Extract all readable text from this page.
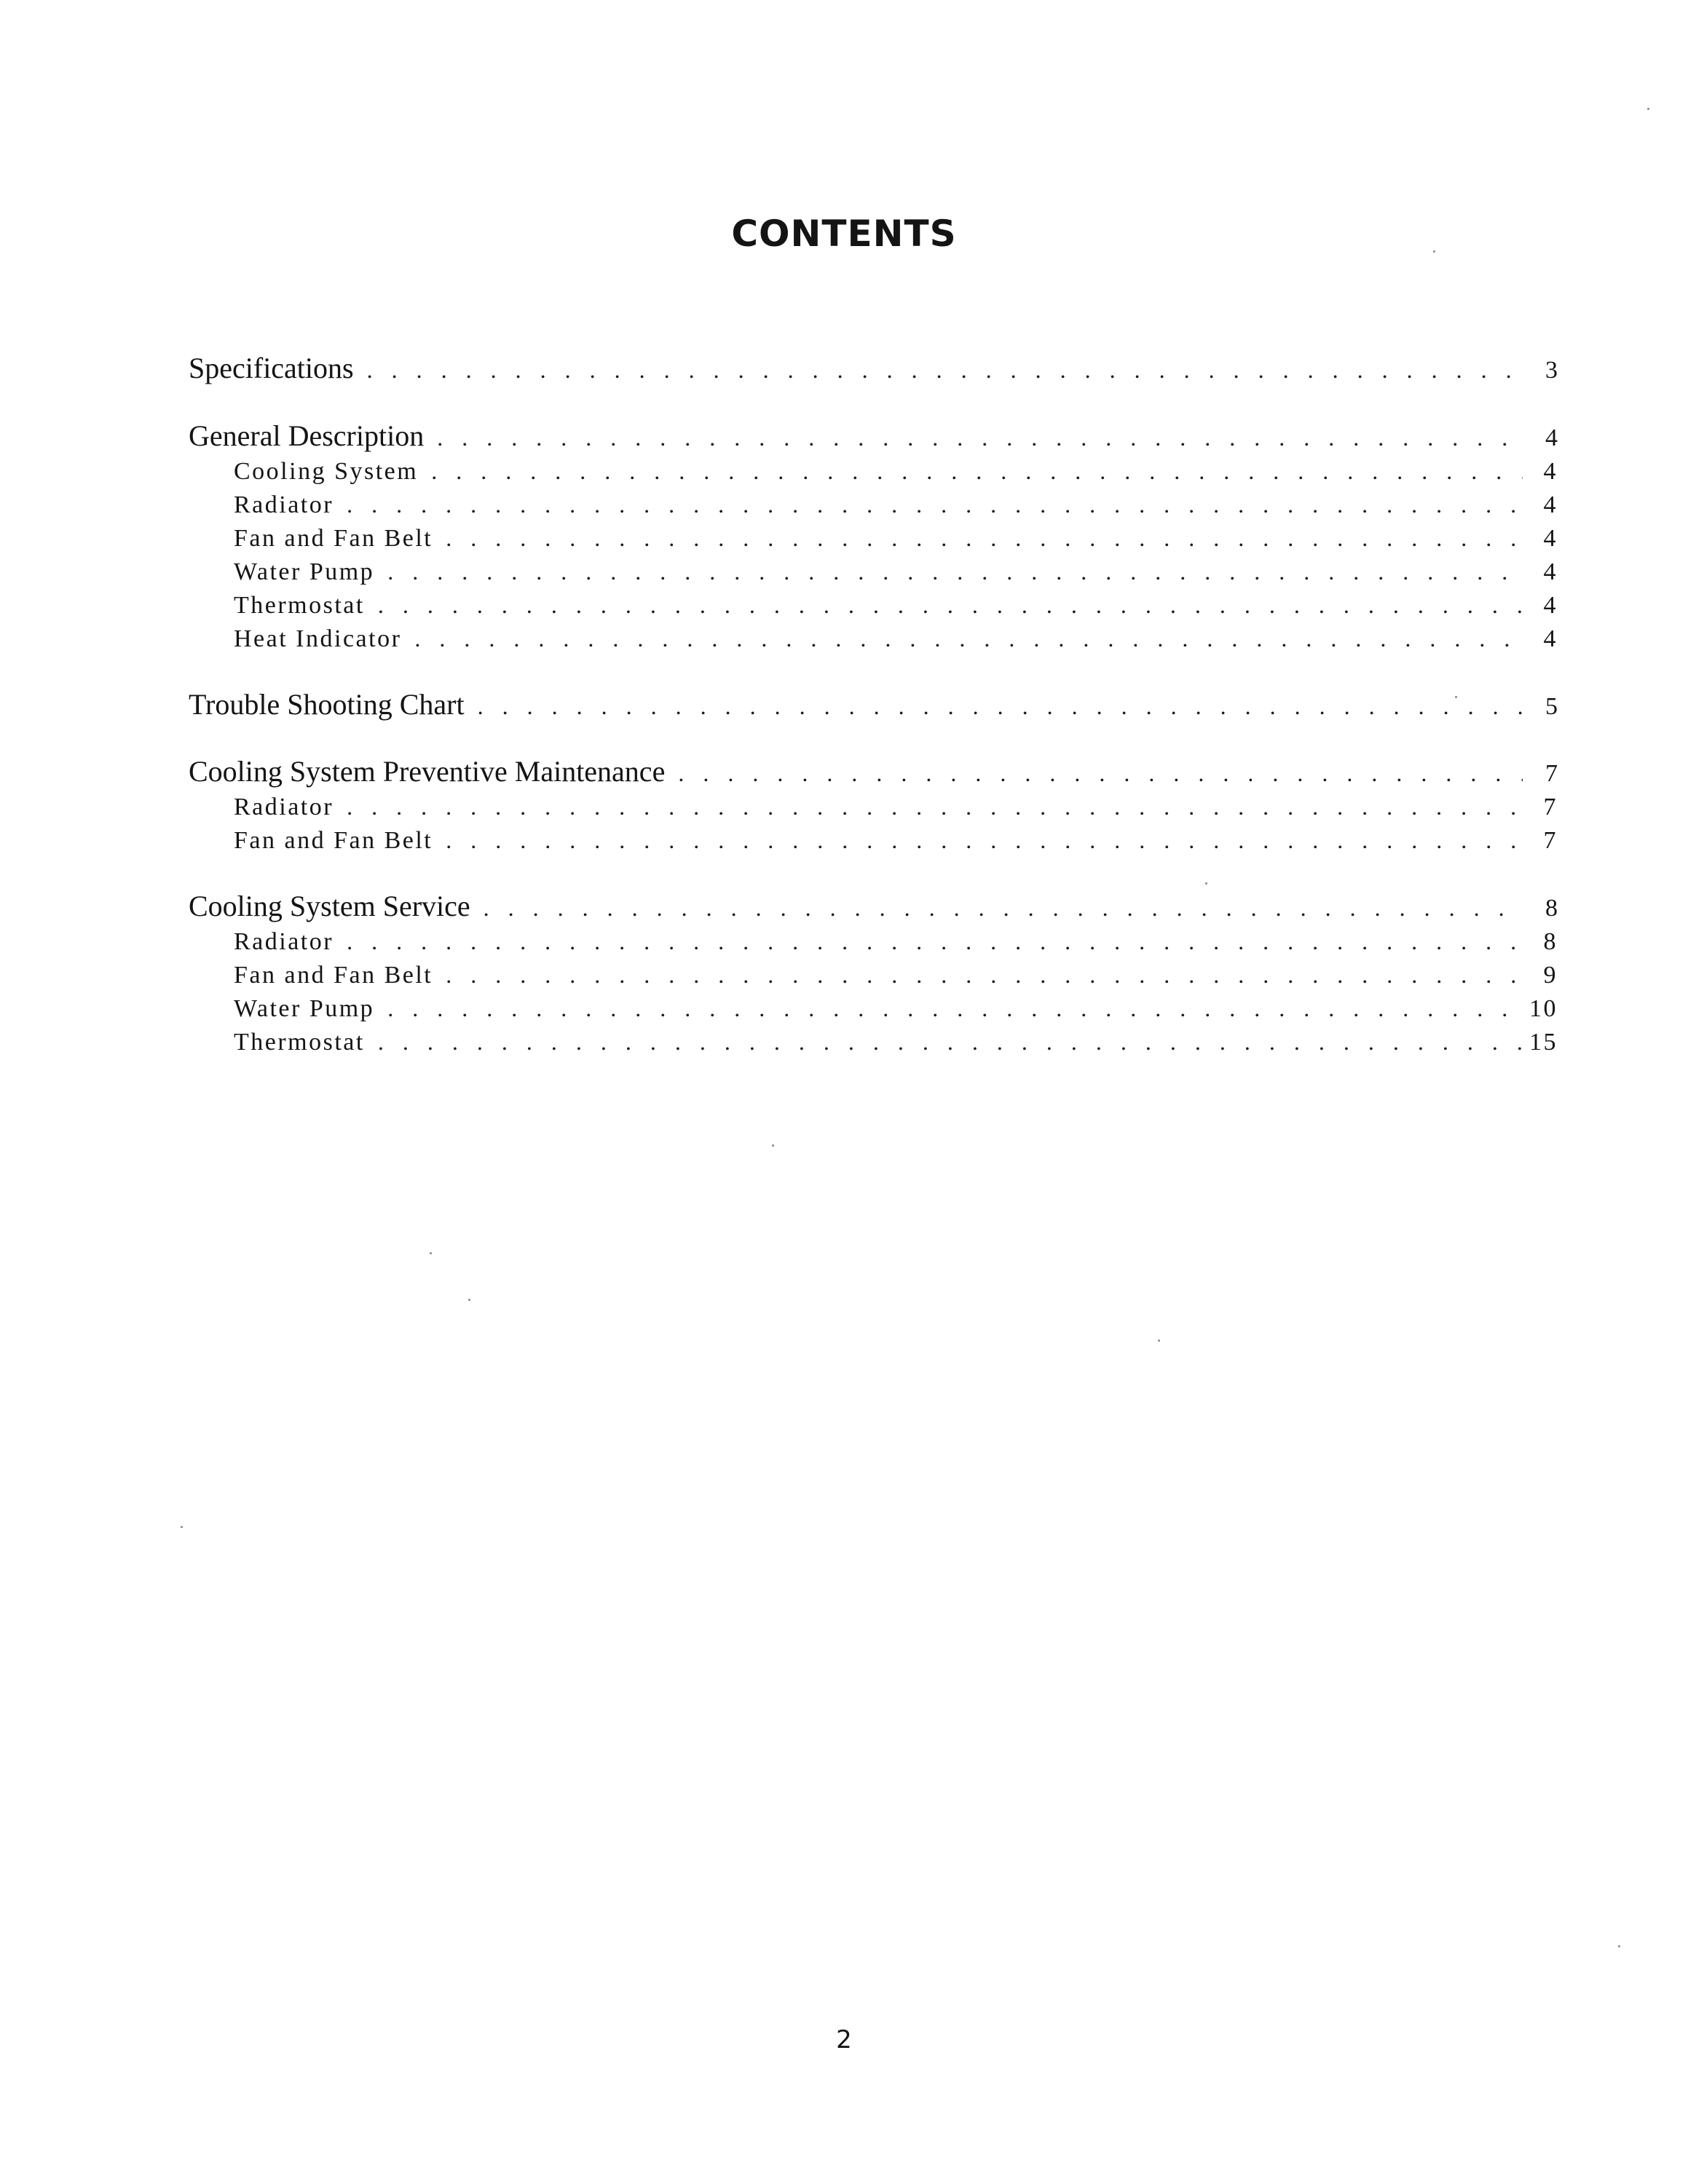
CONTENTS
Specifications . . .	3
General Description . . .	4
Cooling System . . .	4
Radiator . . .	4
Fan and Fan Belt . . .	4
Water Pump . . .	4
Thermostat . . .	4
Heat Indicator . . .	4
Trouble Shooting Chart . . .	5
Cooling System Preventive Maintenance . . .	7
Radiator . . .	7
Fan and Fan Belt . . .	7
Cooling System Service . . .	8
Radiator . . .	8
Fan and Fan Belt . . .	9
Water Pump . . .	10
Thermostat . . .	15
2
